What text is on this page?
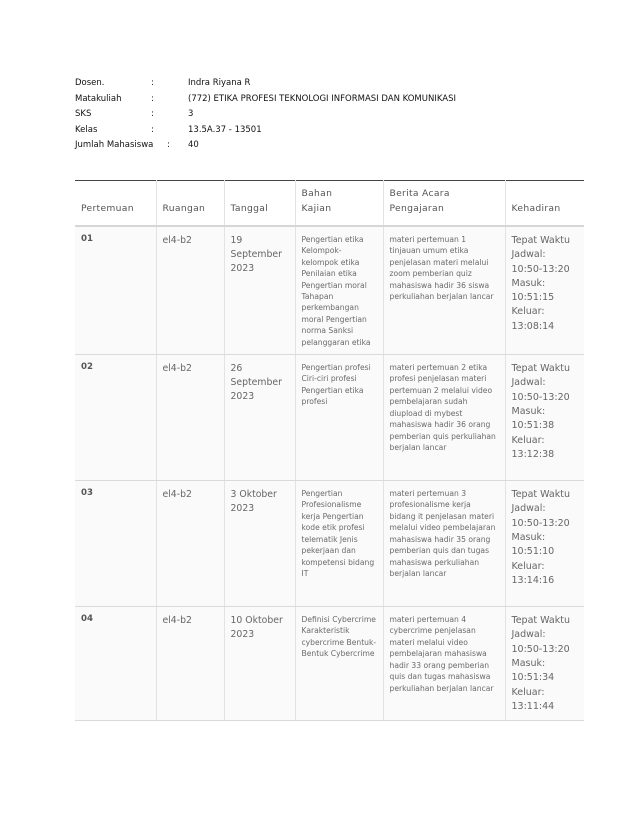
Dosen.	:	Indra Riyana R
Matakuliah	:	(772) ETIKA PROFESI TEKNOLOGI INFORMASI DAN KOMUNIKASI
SKS	:	3
Kelas	:	13.5A.37 - 13501
Jumlah Mahasiswa	:	40
Pertemuan	Ruangan	Tanggal	Bahan Kajian	Berita Acara Pengajaran	Kehadiran
01	el4-b2	19 September 2023	Pengertian etika Kelompok-kelompok etika Penilaian etika Pengertian moral Tahapan perkembangan moral Pengertian norma Sanksi pelanggaran etika	materi pertemuan 1 tinjauan umum etika penjelasan materi melalui zoom pemberian quiz mahasiswa hadir 36 siswa perkuliahan berjalan lancar	Tepat Waktu Jadwal: 10:50-13:20 Masuk: 10:51:15 Keluar: 13:08:14
02	el4-b2	26 September 2023	Pengertian profesi Ciri-ciri profesi Pengertian etika profesi	materi pertemuan 2 etika profesi penjelasan materi pertemuan 2 melalui video pembelajaran sudah diupload di mybest mahasiswa hadir 36 orang pemberian quis perkuliahan berjalan lancar	Tepat Waktu Jadwal: 10:50-13:20 Masuk: 10:51:38 Keluar: 13:12:38
03	el4-b2	3 Oktober 2023	Pengertian Profesionalisme kerja Pengertian kode etik profesi telematik Jenis pekerjaan dan kompetensi bidang IT	materi pertemuan 3 profesionalisme kerja bidang it penjelasan materi melalui video pembelajaran mahasiswa hadir 35 orang pemberian quis dan tugas mahasiswa perkuliahan berjalan lancar	Tepat Waktu Jadwal: 10:50-13:20 Masuk: 10:51:10 Keluar: 13:14:16
04	el4-b2	10 Oktober 2023	Definisi Cybercrime Karakteristik cybercrime Bentuk-Bentuk Cybercrime	materi pertemuan 4 cybercrime penjelasan materi melalui video pembelajaran mahasiswa hadir 33 orang pemberian quis dan tugas mahasiswa perkuliahan berjalan lancar	Tepat Waktu Jadwal: 10:50-13:20 Masuk: 10:51:34 Keluar: 13:11:44
